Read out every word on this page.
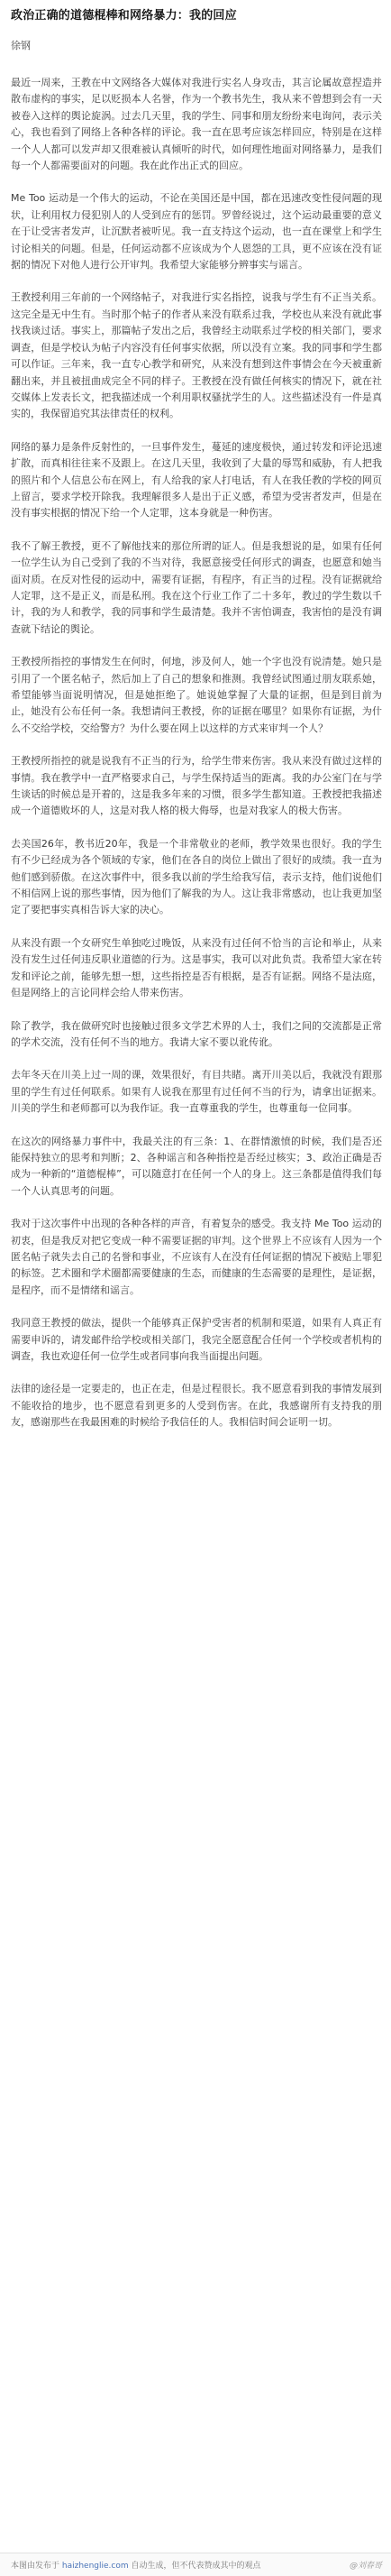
政治正确的道德棍棒和网络暴力：我的回应
徐钢

最近一周来，王教在中文网络各大媒体对我进行实名人身攻击，其言论属故意捏造并散布虚构的事实，足以贬损本人名誉，作为一个教书先生，我从来不曾想到会有一天被卷入这样的舆论旋涡。过去几天里，我的学生、同事和朋友纷纷来电询问，表示关心，我也看到了网络上各种各样的评论。我一直在思考应该怎样回应，特别是在这样一个人人都可以发声却又很难被认真倾听的时代，如何理性地面对网络暴力，是我们每一个人都需要面对的问题。我在此作出正式的回应。

Me Too 运动是一个伟大的运动，不论在美国还是中国，都在迅速改变性侵问题的现状，让利用权力侵犯别人的人受到应有的惩罚。罗曾经说过，这个运动最重要的意义在于让受害者发声，让沉默者被听见。我一直支持这个运动，也一直在课堂上和学生讨论相关的问题。但是，任何运动都不应该成为个人恩怨的工具，更不应该在没有证据的情况下对他人进行公开审判。我希望大家能够分辨事实与谣言。

王教授利用三年前的一个网络帖子，对我进行实名指控，说我与学生有不正当关系。这完全是无中生有。当时那个帖子的作者从来没有联系过我，学校也从来没有就此事找我谈过话。事实上，那篇帖子发出之后，我曾经主动联系过学校的相关部门，要求调查，但是学校认为帖子内容没有任何事实依据，所以没有立案。我的同事和学生都可以作证。三年来，我一直专心教学和研究，从来没有想到这件事情会在今天被重新翻出来，并且被扭曲成完全不同的样子。王教授在没有做任何核实的情况下，就在社交媒体上发表长文，把我描述成一个利用职权骚扰学生的人。这些描述没有一件是真实的，我保留追究其法律责任的权利。

网络的暴力是条件反射性的，一旦事件发生，蔓延的速度极快，通过转发和评论迅速扩散，而真相往往来不及跟上。在这几天里，我收到了大量的辱骂和威胁，有人把我的照片和个人信息公布在网上，有人给我的家人打电话，有人在我任教的学校的网页上留言，要求学校开除我。我理解很多人是出于正义感，希望为受害者发声，但是在没有事实根据的情况下给一个人定罪，这本身就是一种伤害。

我不了解王教授，更不了解他找来的那位所谓的证人。但是我想说的是，如果有任何一位学生认为自己受到了我的不当对待，我愿意接受任何形式的调查，也愿意和她当面对质。在反对性侵的运动中，需要有证据，有程序，有正当的过程。没有证据就给人定罪，这不是正义，而是私刑。我在这个行业工作了二十多年，教过的学生数以千计，我的为人和教学，我的同事和学生最清楚。我并不害怕调查，我害怕的是没有调查就下结论的舆论。

王教授所指控的事情发生在何时，何地，涉及何人，她一个字也没有说清楚。她只是引用了一个匿名帖子，然后加上了自己的想象和推测。我曾经试图通过朋友联系她，希望能够当面说明情况，但是她拒绝了。她说她掌握了大量的证据，但是到目前为止，她没有公布任何一条。我想请问王教授，你的证据在哪里？如果你有证据，为什么不交给学校，交给警方？为什么要在网上以这样的方式来审判一个人？

王教授所指控的就是说我有不正当的行为，给学生带来伤害。我从来没有做过这样的事情。我在教学中一直严格要求自己，与学生保持适当的距离。我的办公室门在与学生谈话的时候总是开着的，这是我多年来的习惯，很多学生都知道。王教授把我描述成一个道德败坏的人，这是对我人格的极大侮辱，也是对我家人的极大伤害。

去美国26年，教书近20年，我是一个非常敬业的老师，教学效果也很好。我的学生有不少已经成为各个领域的专家，他们在各自的岗位上做出了很好的成绩。我一直为他们感到骄傲。在这次事件中，很多我以前的学生给我写信，表示支持，他们说他们不相信网上说的那些事情，因为他们了解我的为人。这让我非常感动，也让我更加坚定了要把事实真相告诉大家的决心。

从来没有跟一个女研究生单独吃过晚饭，从来没有过任何不恰当的言论和举止，从来没有发生过任何违反职业道德的行为。这是事实，我可以对此负责。我希望大家在转发和评论之前，能够先想一想，这些指控是否有根据，是否有证据。网络不是法庭，但是网络上的言论同样会给人带来伤害。

除了教学，我在做研究时也接触过很多文学艺术界的人士，我们之间的交流都是正常的学术交流，没有任何不当的地方。我请大家不要以讹传讹。

去年冬天在川美上过一周的课，效果很好，有目共睹。离开川美以后，我就没有跟那里的学生有过任何联系。如果有人说我在那里有过任何不当的行为，请拿出证据来。川美的学生和老师都可以为我作证。我一直尊重我的学生，也尊重每一位同事。

在这次的网络暴力事件中，我最关注的有三条：1、在群情激愤的时候，我们是否还能保持独立的思考和判断；2、各种谣言和各种指控是否经过核实；3、政治正确是否成为一种新的“道德棍棒”，可以随意打在任何一个人的身上。这三条都是值得我们每一个人认真思考的问题。

我对于这次事件中出现的各种各样的声音，有着复杂的感受。我支持 Me Too 运动的初衷，但是我反对把它变成一种不需要证据的审判。这个世界上不应该有人因为一个匿名帖子就失去自己的名誉和事业，不应该有人在没有任何证据的情况下被贴上罪犯的标签。艺术圈和学术圈都需要健康的生态，而健康的生态需要的是理性，是证据，是程序，而不是情绪和谣言。

我同意王教授的做法，提供一个能够真正保护受害者的机制和渠道，如果有人真正有需要申诉的，请发邮件给学校或相关部门，我完全愿意配合任何一个学校或者机构的调查，我也欢迎任何一位学生或者同事向我当面提出问题。

法律的途径是一定要走的，也正在走，但是过程很长。我不愿意看到我的事情发展到不能收拾的地步，也不愿意看到更多的人受到伤害。在此，我感谢所有支持我的朋友，感谢那些在我最困难的时候给予我信任的人。我相信时间会证明一切。

本图由发布于 haizhenglie.com 自动生成，但不代表赞成其中的观点	@刘春哥
